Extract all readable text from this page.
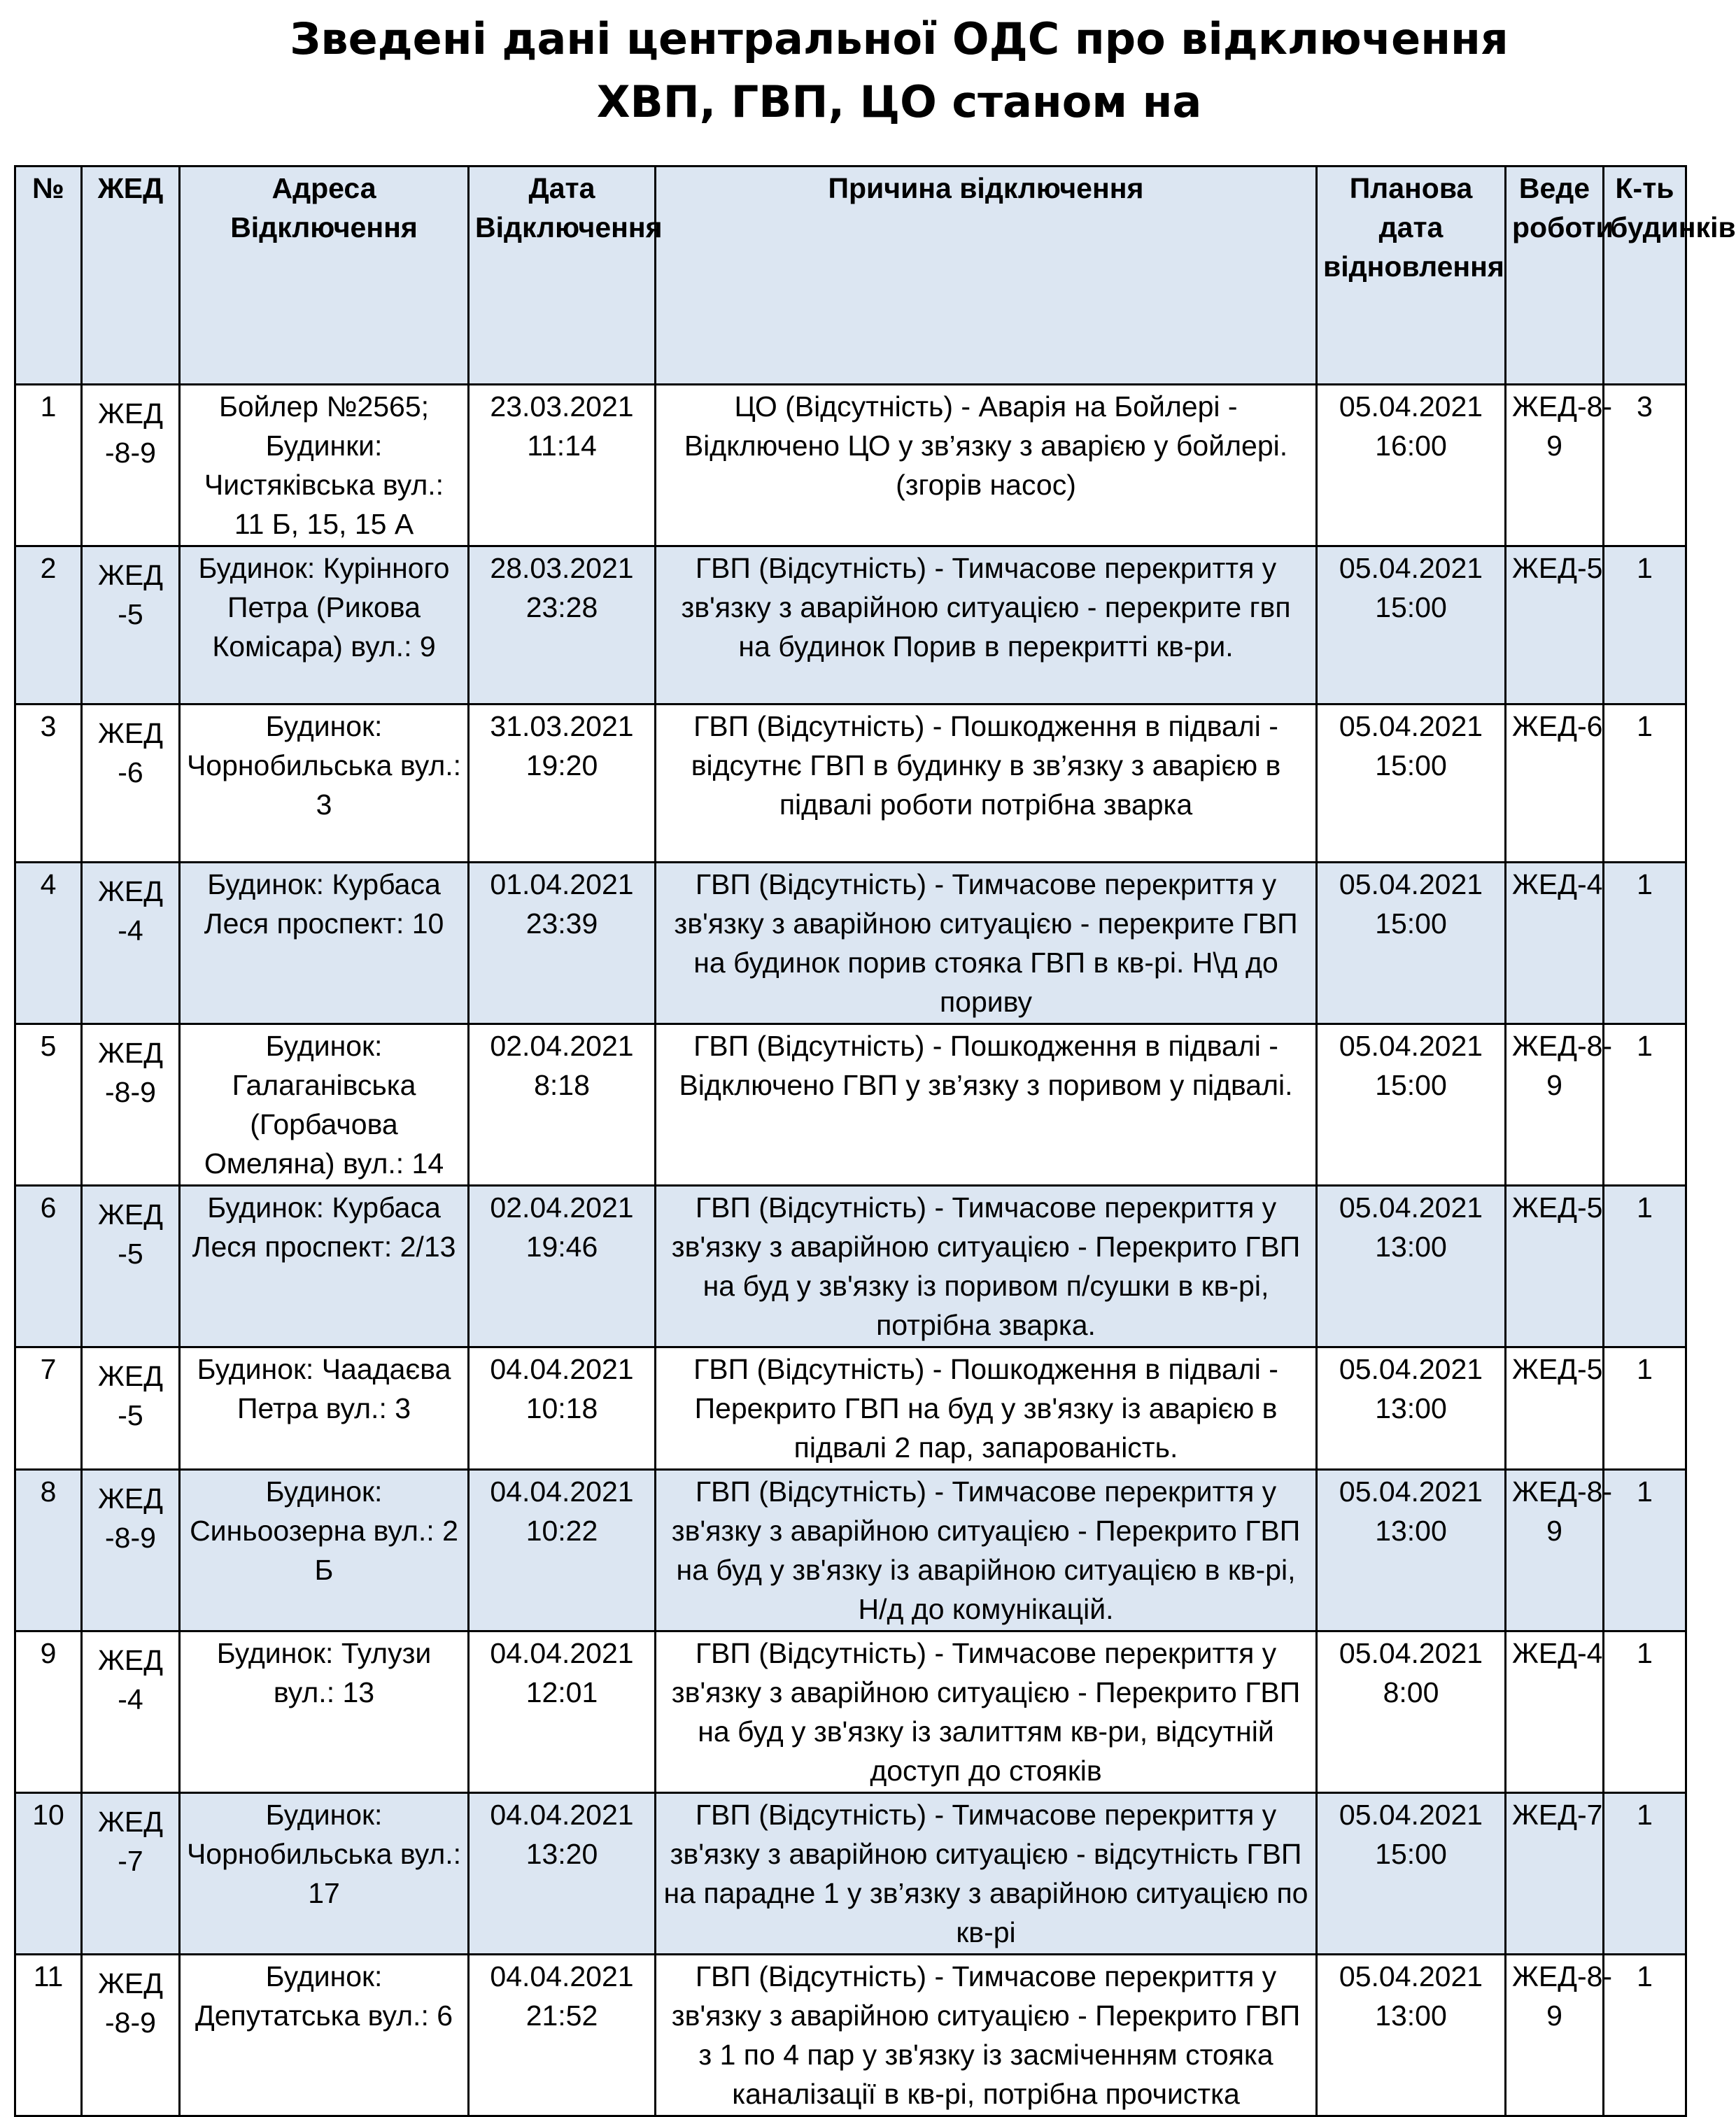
Зведені дані центральної ОДС про відключення
ХВП, ГВП, ЦО станом на
№	ЖЕД	Адреса Відключення	Дата Відключення	Причина відключення	Планова дата відновлення	Веде роботи	К-ть будинків
1	ЖЕД -8-9	Бойлер №2565; Будинки: Чистяківська вул.: 11 Б, 15, 15 А	23.03.2021 11:14	ЦО (Відсутність) - Аварія на Бойлері - Відключено ЦО у зв’язку з аварією у бойлері. (згорів насос)	05.04.2021 16:00	ЖЕД-8-9	3
2	ЖЕД -5	Будинок: Курінного Петра (Рикова Комісара) вул.: 9	28.03.2021 23:28	ГВП (Відсутність) - Тимчасове перекриття у зв'язку з аварійною ситуацією - перекрите гвп на будинок Порив в перекритті кв-ри.	05.04.2021 15:00	ЖЕД-5	1
3	ЖЕД -6	Будинок: Чорнобильська вул.: 3	31.03.2021 19:20	ГВП (Відсутність) - Пошкодження в підвалі - відсутнє ГВП в будинку в зв’язку з аварією в підвалі роботи потрібна зварка	05.04.2021 15:00	ЖЕД-6	1
4	ЖЕД -4	Будинок: Курбаса Леся проспект: 10	01.04.2021 23:39	ГВП (Відсутність) - Тимчасове перекриття у зв'язку з аварійною ситуацією - перекрите ГВП на будинок порив стояка ГВП в кв-рі. Н\д до пориву	05.04.2021 15:00	ЖЕД-4	1
5	ЖЕД -8-9	Будинок: Галаганівська (Горбачова Омеляна) вул.: 14	02.04.2021 8:18	ГВП (Відсутність) - Пошкодження в підвалі - Відключено ГВП у зв’язку з поривом у підвалі.	05.04.2021 15:00	ЖЕД-8-9	1
6	ЖЕД -5	Будинок: Курбаса Леся проспект: 2/13	02.04.2021 19:46	ГВП (Відсутність) - Тимчасове перекриття у зв'язку з аварійною ситуацією - Перекрито ГВП на буд у зв'язку із поривом п/сушки в кв-рі, потрібна зварка.	05.04.2021 13:00	ЖЕД-5	1
7	ЖЕД -5	Будинок: Чаадаєва Петра вул.: 3	04.04.2021 10:18	ГВП (Відсутність) - Пошкодження в підвалі - Перекрито ГВП на буд у зв'язку із аварією в підвалі 2 пар, запарованість.	05.04.2021 13:00	ЖЕД-5	1
8	ЖЕД -8-9	Будинок: Синьоозерна вул.: 2 Б	04.04.2021 10:22	ГВП (Відсутність) - Тимчасове перекриття у зв'язку з аварійною ситуацією - Перекрито ГВП на буд у зв'язку із аварійною ситуацією в кв-рі, Н/д до комунікацій.	05.04.2021 13:00	ЖЕД-8-9	1
9	ЖЕД -4	Будинок: Тулузи вул.: 13	04.04.2021 12:01	ГВП (Відсутність) - Тимчасове перекриття у зв'язку з аварійною ситуацією - Перекрито ГВП на буд у зв'язку із залиттям кв-ри, відсутній доступ до стояків	05.04.2021 8:00	ЖЕД-4	1
10	ЖЕД -7	Будинок: Чорнобильська вул.: 17	04.04.2021 13:20	ГВП (Відсутність) - Тимчасове перекриття у зв'язку з аварійною ситуацією - відсутність ГВП на парадне 1 у зв’язку з аварійною ситуацією по кв-рі	05.04.2021 15:00	ЖЕД-7	1
11	ЖЕД -8-9	Будинок: Депутатська вул.: 6	04.04.2021 21:52	ГВП (Відсутність) - Тимчасове перекриття у зв'язку з аварійною ситуацією - Перекрито ГВП з 1 по 4 пар у зв'язку із засміченням стояка каналізації в кв-рі, потрібна прочистка	05.04.2021 13:00	ЖЕД-8-9	1
